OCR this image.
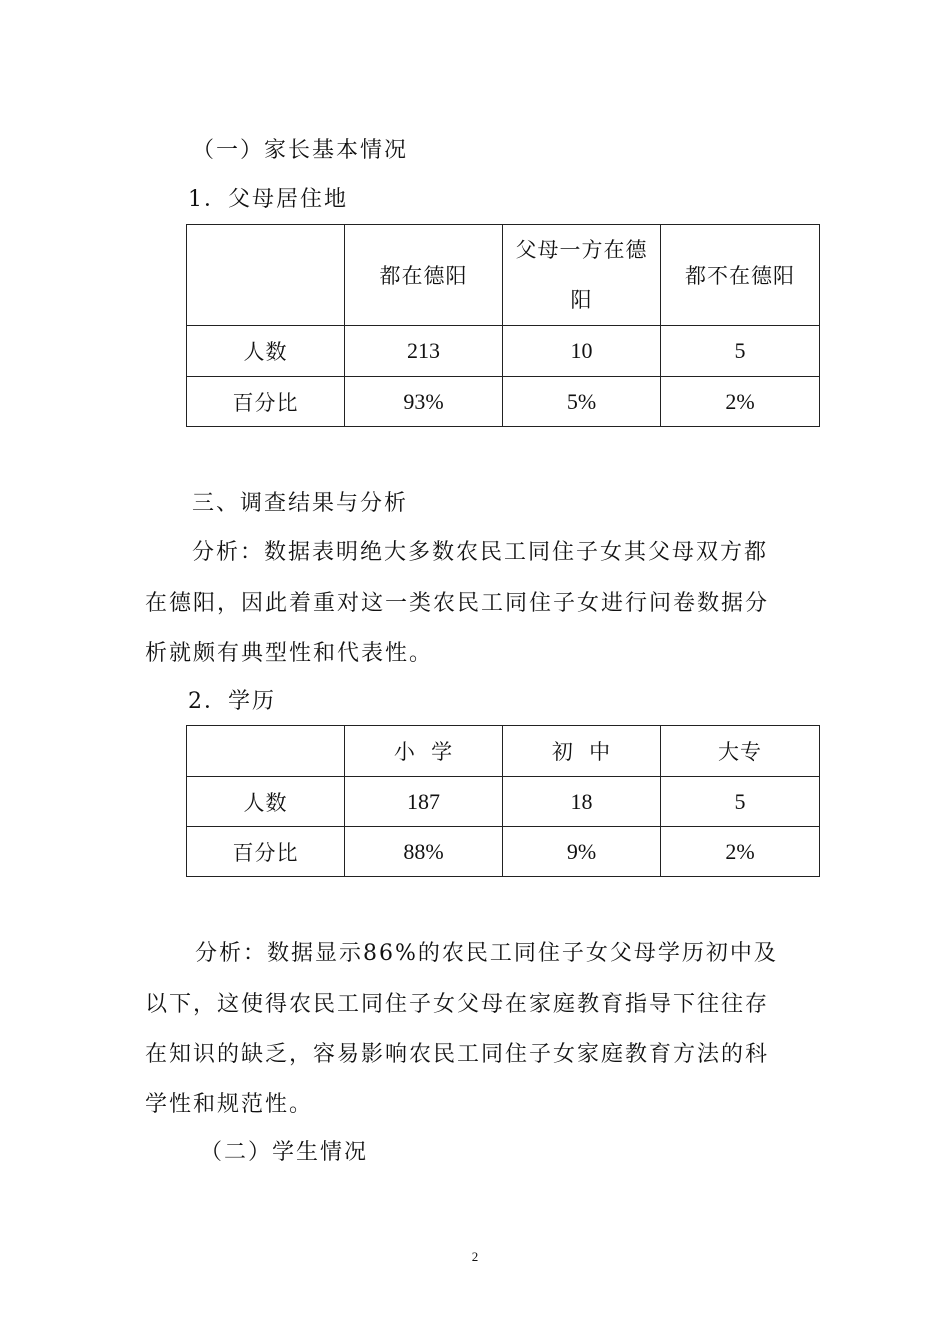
（一）家长基本情况

1．父母居住地

	都在德阳	父母一方在德阳	都不在德阳
人数	213	10	5
百分比	93%	5%	2%

三、调查结果与分析

分析：数据表明绝大多数农民工同住子女其父母双方都

在德阳，因此着重对这一类农民工同住子女进行问卷数据分

析就颇有典型性和代表性。

2．学历

	小  学	初  中	大专
人数	187	18	5
百分比	88%	9%	2%

分析：数据显示86%的农民工同住子女父母学历初中及

以下，这使得农民工同住子女父母在家庭教育指导下往往存

在知识的缺乏，容易影响农民工同住子女家庭教育方法的科

学性和规范性。

（二）学生情况

2
